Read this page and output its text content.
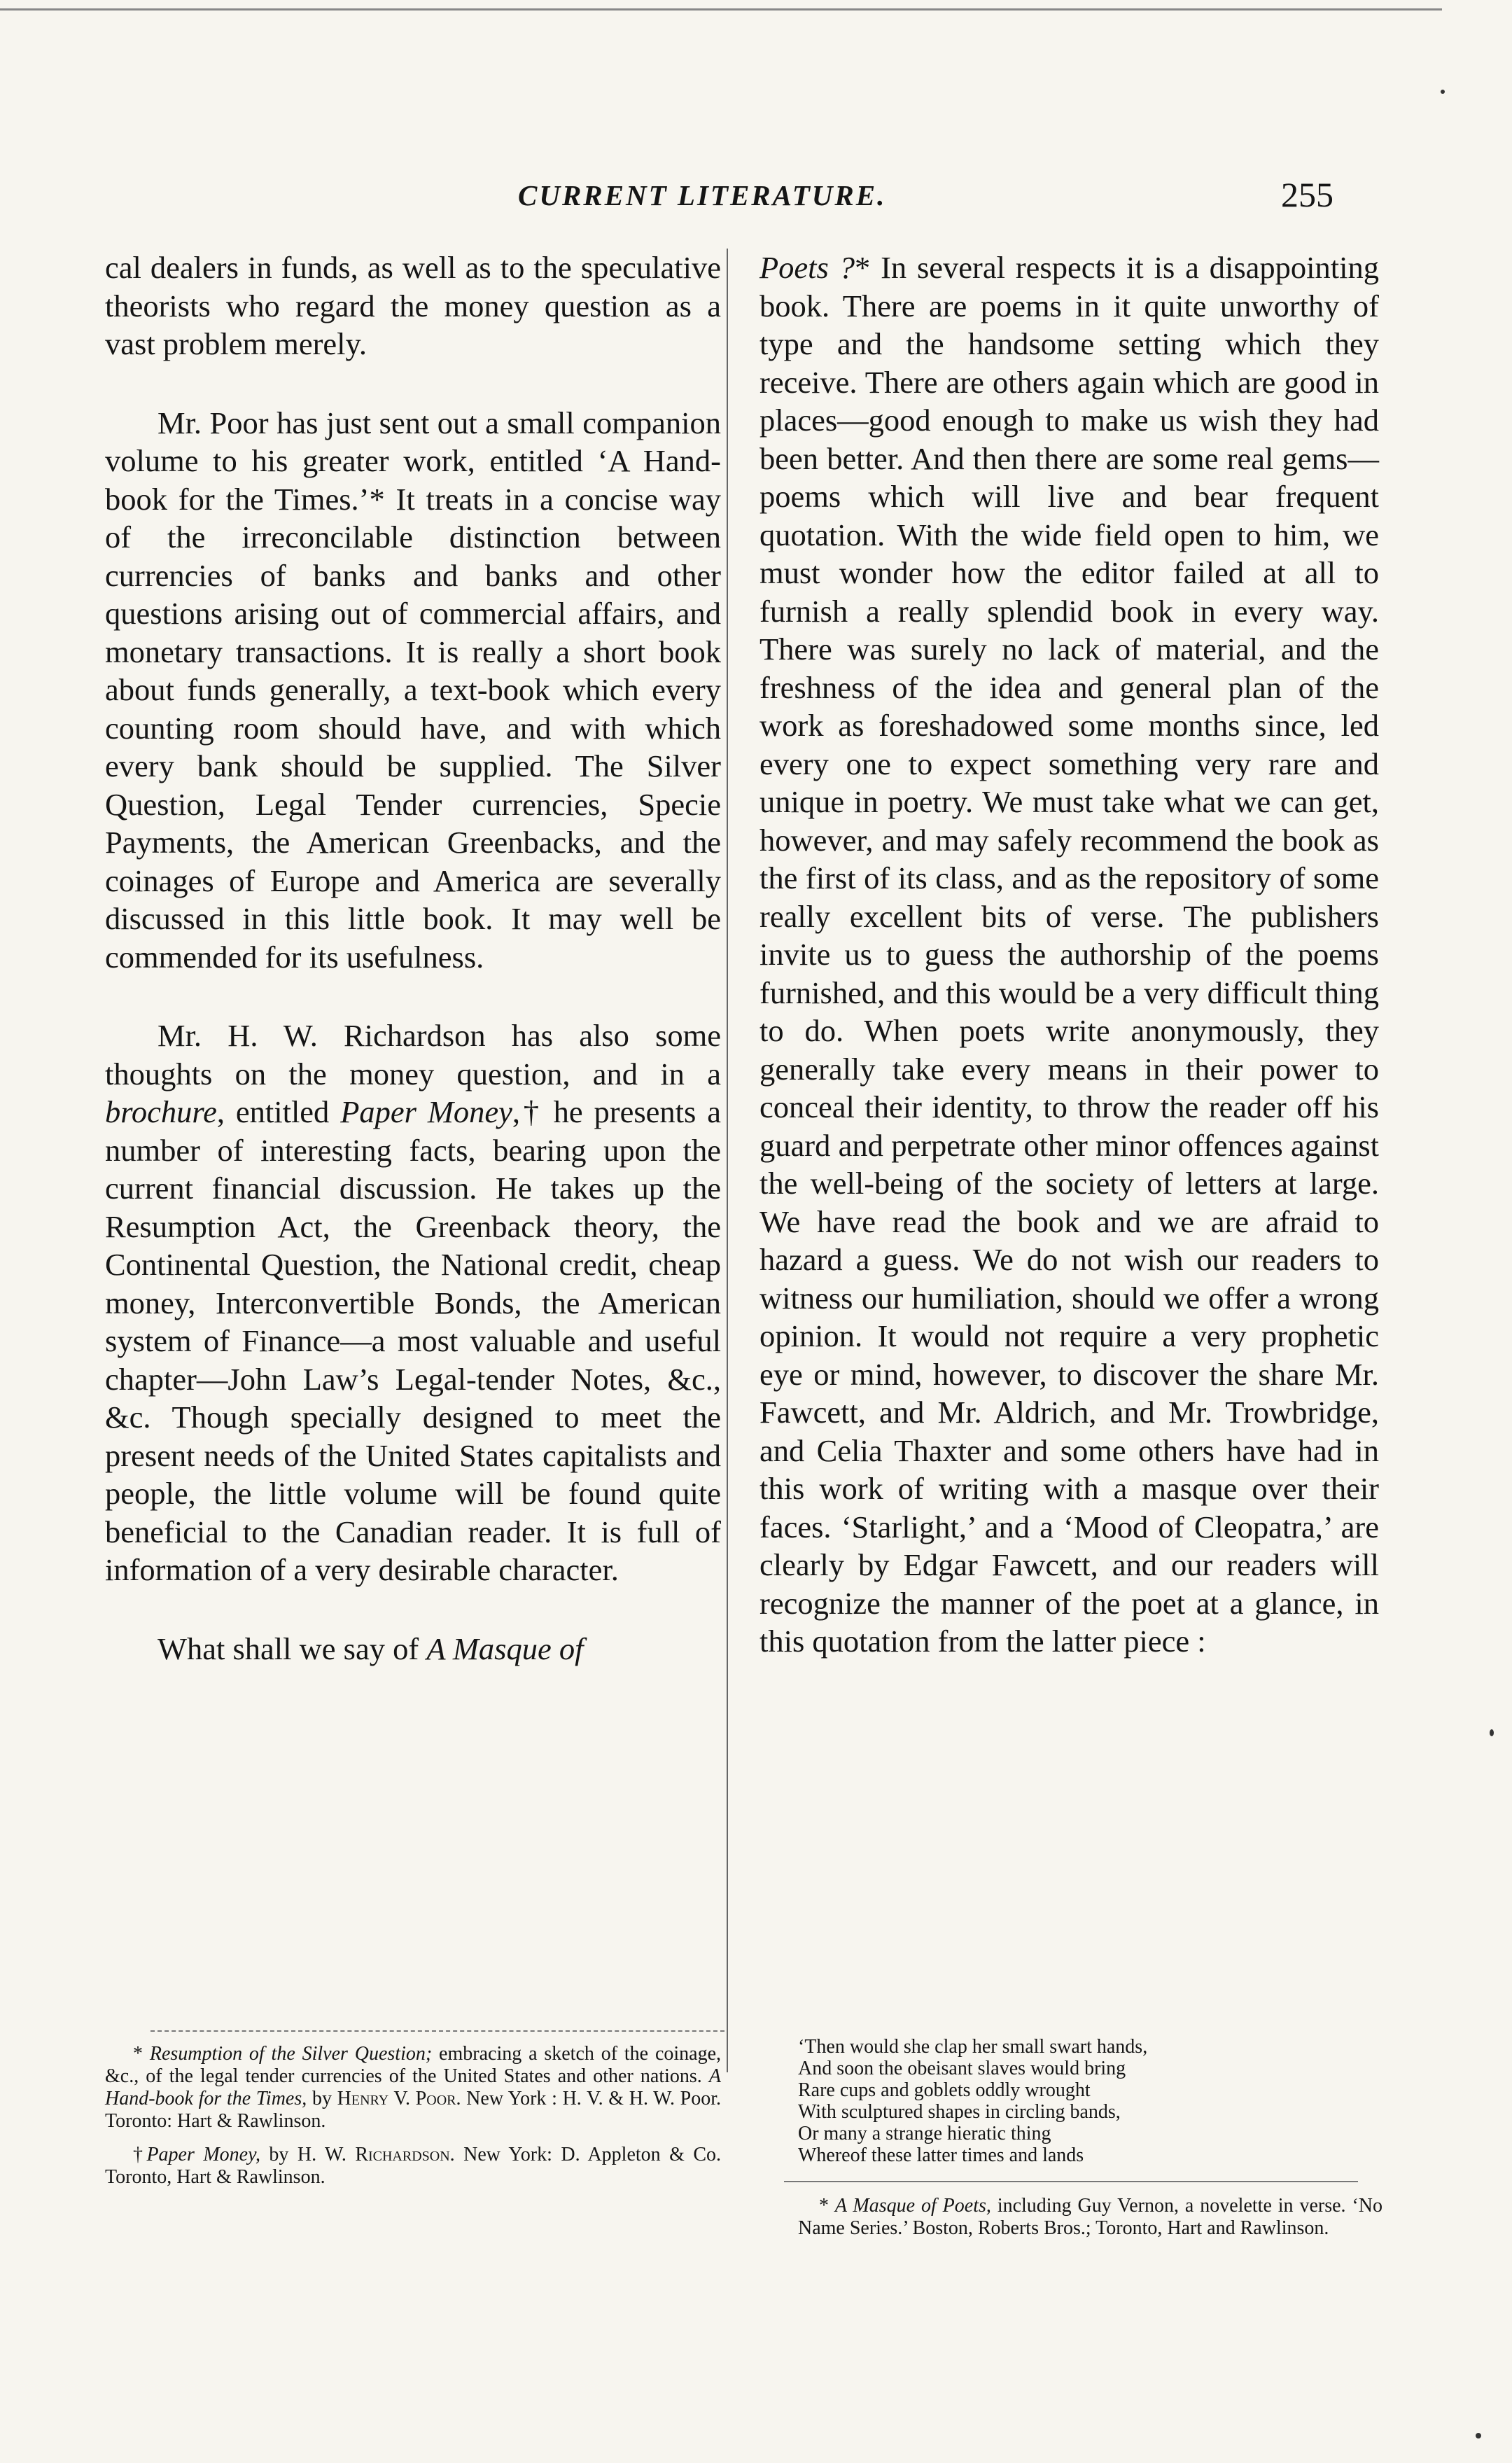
CURRENT LITERATURE.	255

cal dealers in funds, as well as to the speculative theorists who regard the money question as a vast problem merely.

Mr. Poor has just sent out a small companion volume to his greater work, entitled ‘A Hand-book for the Times.’* It treats in a concise way of the irreconcilable distinction between currencies of banks and banks and other questions arising out of commercial affairs, and monetary transactions. It is really a short book about funds generally, a text-book which every counting room should have, and with which every bank should be supplied. The Silver Question, Legal Tender currencies, Specie Payments, the American Greenbacks, and the coinages of Europe and America are severally discussed in this little book. It may well be commended for its usefulness.

Mr. H. W. Richardson has also some thoughts on the money question, and in a brochure, entitled Paper Money,† he presents a number of interesting facts, bearing upon the current financial discussion. He takes up the Resumption Act, the Greenback theory, the Continental Question, the National credit, cheap money, Interconvertible Bonds, the American system of Finance—a most valuable and useful chapter—John Law’s Legal-tender Notes, &c., &c. Though specially designed to meet the present needs of the United States capitalists and people, the little volume will be found quite beneficial to the Canadian reader. It is full of information of a very desirable character.

What shall we say of A Masque of

Poets ?* In several respects it is a disappointing book. There are poems in it quite unworthy of type and the handsome setting which they receive. There are others again which are good in places—good enough to make us wish they had been better. And then there are some real gems—poems which will live and bear frequent quotation. With the wide field open to him, we must wonder how the editor failed at all to furnish a really splendid book in every way. There was surely no lack of material, and the freshness of the idea and general plan of the work as foreshadowed some months since, led every one to expect something very rare and unique in poetry. We must take what we can get, however, and may safely recommend the book as the first of its class, and as the repository of some really excellent bits of verse. The publishers invite us to guess the authorship of the poems furnished, and this would be a very difficult thing to do. When poets write anonymously, they generally take every means in their power to conceal their identity, to throw the reader off his guard and perpetrate other minor offences against the well-being of the society of letters at large. We have read the book and we are afraid to hazard a guess. We do not wish our readers to witness our humiliation, should we offer a wrong opinion. It would not require a very prophetic eye or mind, however, to discover the share Mr. Fawcett, and Mr. Aldrich, and Mr. Trowbridge, and Celia Thaxter and some others have had in this work of writing with a masque over their faces. ‘Starlight,’ and a ‘Mood of Cleopatra,’ are clearly by Edgar Fawcett, and our readers will recognize the manner of the poet at a glance, in this quotation from the latter piece :

* Resumption of the Silver Question; embracing a sketch of the coinage, &c., of the legal tender currencies of the United States and other nations. A Hand-book for the Times, by Henry V. Poor. New York : H. V. & H. W. Poor. Toronto: Hart & Rawlinson.

†Paper Money, by H. W. Richardson. New York: D. Appleton & Co. Toronto, Hart & Rawlinson.

‘Then would she clap her small swart hands,
And soon the obeisant slaves would bring
Rare cups and goblets oddly wrought
With sculptured shapes in circling bands,
Or many a strange hieratic thing
Whereof these latter times and lands
* A Masque of Poets, including Guy Vernon, a novelette in verse. ‘No Name Series.’ Boston, Roberts Bros.; Toronto, Hart and Rawlinson.
